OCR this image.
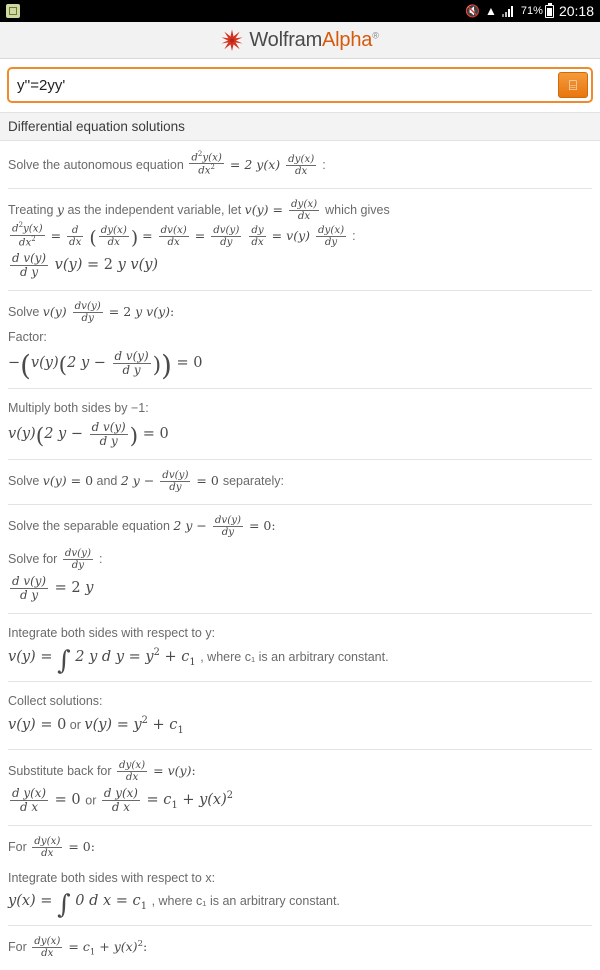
🔇 ▲ 71% 20:18
WolframAlpha®
y''=2yy'
⌸
Differential equation solutions
Solve the autonomous equation $\frac{d^2y(x)}{dx^2} = 2$ $y(x) \frac{dy(x)}{dx}$ :
Treating y as the independent variable, let $v(y) = \frac{dy(x)}{dx}$ which gives
$\frac{d^2y(x)}{dx^2} = \frac{d}{dx}$ ( $\frac{dy(x)}{dx}$ ) = $\frac{dv(x)}{dx} = \frac{dv(y)}{dy}$
$\frac{dy}{dx} = v(y) \frac{dy(x)}{dy}$ :
$\frac{\text{d v(y)}}{\text{d y}} v(y) = 2$ y v(y)
Solve $v(y) \frac{dv(y)}{dy} = 2$ y v(y):
Factor:
−(v(y)(2 $y - \frac{\text{d v(y)}}{\text{d y}}$ )) = 0
Multiply both sides by −1:
v(y)(2 $y - \frac{\text{d v(y)}}{\text{d y}}$ ) = 0
Solve v(y) = 0 and 2 $y - \frac{dv(y)}{dy} = 0$ separately:
Solve the separable equation 2 $y - \frac{dv(y)}{dy} = 0$:
Solve for $\frac{dv(y)}{dy}$ :
$\frac{\text{d v(y)}}{\text{d y}} = 2$ y
Integrate both sides with respect to y:
v(y) = ∫ 2 y d $y = y^2 + c_1$ , where c₁ is an arbitrary constant.
Collect solutions:
v(y) = 0 or $v(y) = y^2 + c_1$
Substitute back for $\frac{dy(x)}{dx} = v(y)$:
$\frac{\text{d y(x)}}{\text{d x}} = 0$ or $\frac{\text{d y(x)}}{\text{d x}} = c_1 + y(x)^2$
For $\frac{dy(x)}{dx} = 0$:
Integrate both sides with respect to x:
y(x) = ∫ 0 d $x = c_1$ , where c₁ is an arbitrary constant.
For $\frac{dy(x)}{dx} = c_1 + y(x)^2$:
